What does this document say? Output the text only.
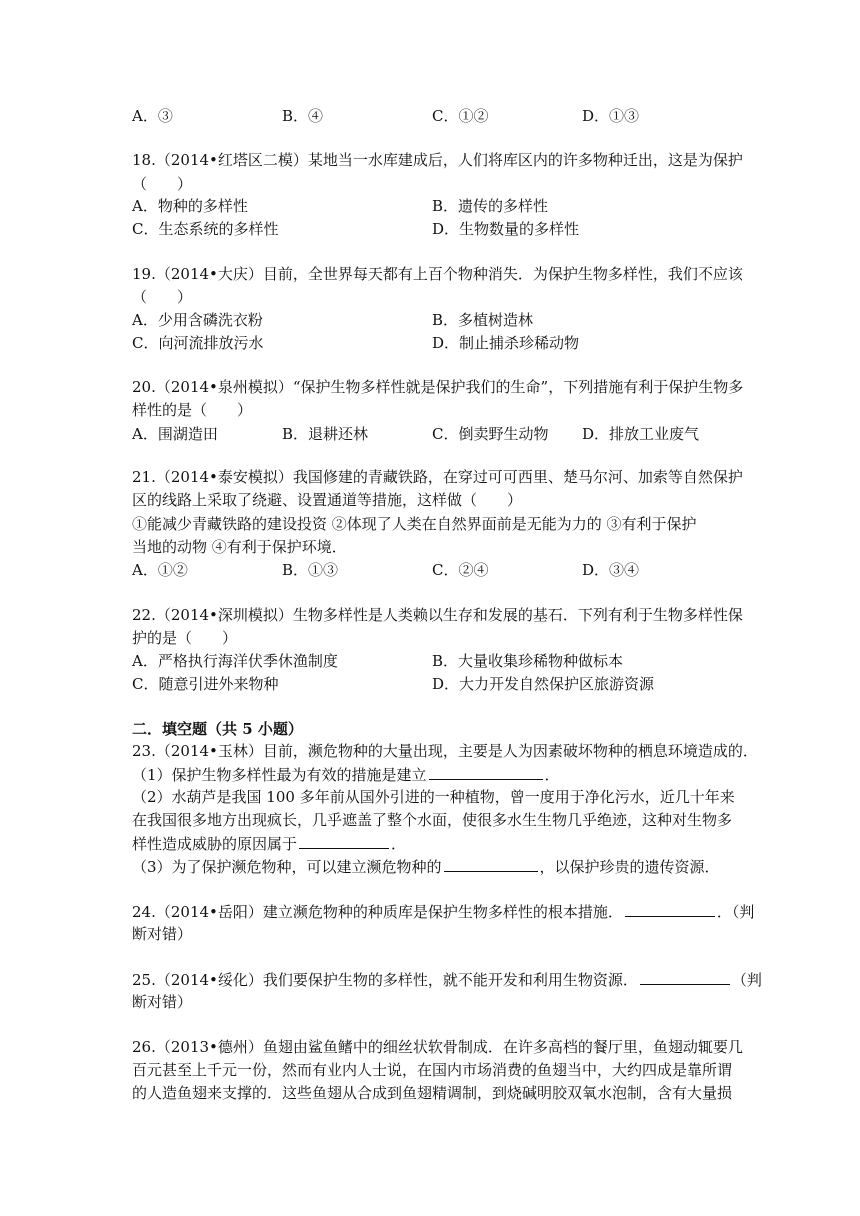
A．③	B．④	C．①②	D．①③
18.（2014•红塔区二模）某地当一水库建成后，人们将库区内的许多物种迁出，这是为保护
（　　）
A．物种的多样性	B．遗传的多样性
C．生态系统的多样性	D．生物数量的多样性
19.（2014•大庆）目前，全世界每天都有上百个物种消失．为保护生物多样性，我们不应该
（　　）
A．少用含磷洗衣粉	B．多植树造林
C．向河流排放污水	D．制止捕杀珍稀动物
20.（2014•泉州模拟）“保护生物多样性就是保护我们的生命”，下列措施有利于保护生物多
样性的是（　　）
A．围湖造田	B．退耕还林	C．倒卖野生动物 D．排放工业废气
21.（2014•泰安模拟）我国修建的青藏铁路，在穿过可可西里、楚马尔河、加索等自然保护
区的线路上采取了绕避、设置通道等措施，这样做（　　）
①能减少青藏铁路的建设投资 ②体现了人类在自然界面前是无能为力的 ③有利于保护
当地的动物 ④有利于保护环境．
A．①②	B．①③	C．②④	D．③④
22.（2014•深圳模拟）生物多样性是人类赖以生存和发展的基石．下列有利于生物多样性保
护的是（　　）
A．严格执行海洋伏季休渔制度	B．大量收集珍稀物种做标本
C．随意引进外来物种	D．大力开发自然保护区旅游资源
二．填空题（共 5 小题）
23.（2014•玉林）目前，濒危物种的大量出现，主要是人为因素破坏物种的栖息环境造成的．
（1）保护生物多样性最为有效的措施是建立	．
（2）水葫芦是我国 100 多年前从国外引进的一种植物，曾一度用于净化污水，近几十年来
在我国很多地方出现疯长，几乎遮盖了整个水面，使很多水生生物几乎绝迹，这种对生物多
样性造成威胁的原因属于	．
（3）为了保护濒危物种，可以建立濒危物种的	，以保护珍贵的遗传资源．
24.（2014•岳阳）建立濒危物种的种质库是保护生物多样性的根本措施．	．（判
断对错）
25.（2014•绥化）我们要保护生物的多样性，就不能开发和利用生物资源．	（判
断对错）
26.（2013•德州）鱼翅由鲨鱼鳍中的细丝状软骨制成．在许多高档的餐厅里，鱼翅动辄要几
百元甚至上千元一份，然而有业内人士说，在国内市场消费的鱼翅当中，大约四成是靠所谓
的人造鱼翅来支撑的．这些鱼翅从合成到鱼翅精调制，到烧碱明胶双氧水泡制，含有大量损
